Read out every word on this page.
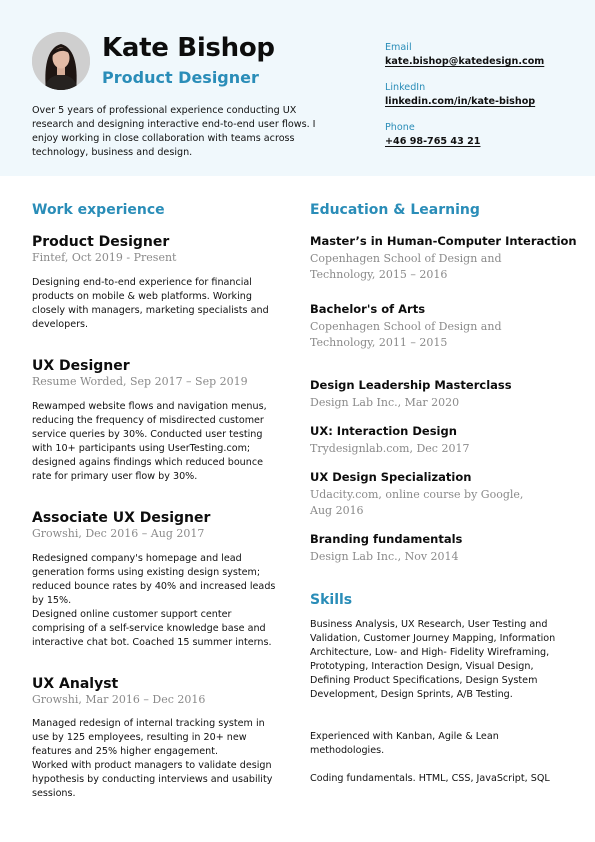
Kate Bishop
Product Designer

Over 5 years of professional experience conducting UX research and designing interactive end-to-end user flows. I enjoy working in close collaboration with teams across technology, business and design.

Email

kate.bishop@katedesign.com

LinkedIn

linkedin.com/in/kate-bishop

Phone

+46 98-765 43 21

Work experience
Product Designer

Fintef, Oct 2019 - Present

Designing end-to-end experience for financial products on mobile & web platforms. Working closely with managers, marketing specialists and developers.

UX Designer

Resume Worded, Sep 2017 – Sep 2019

Rewamped website flows and navigation menus, reducing the frequency of misdirected customer service queries by 30%. Conducted user testing with 10+ participants using UserTesting.com; designed agains findings which reduced bounce rate for primary user flow by 30%.

Associate UX Designer

Growshi, Dec 2016 – Aug 2017

Redesigned company's homepage and lead generation forms using existing design system; reduced bounce rates by 40% and increased leads by 15%.

Designed online customer support center comprising of a self-service knowledge base and interactive chat bot. Coached 15 summer interns.

UX Analyst

Growshi, Mar 2016 – Dec 2016

Managed redesign of internal tracking system in use by 125 employees, resulting in 20+ new features and 25% higher engagement.

Worked with product managers to validate design hypothesis by conducting interviews and usability sessions.

Education & Learning
Master’s in Human-Computer Interaction

Copenhagen School of Design and Technology, 2015 – 2016

Bachelor's of Arts

Copenhagen School of Design and Technology, 2011 – 2015

Design Leadership Masterclass

Design Lab Inc., Mar 2020

UX: Interaction Design

Trydesignlab.com, Dec 2017

UX Design Specialization

Udacity.com, online course by Google, Aug 2016

Branding fundamentals

Design Lab Inc., Nov 2014

Skills

Business Analysis, UX Research, User Testing and Validation, Customer Journey Mapping, Information Architecture, Low- and High- Fidelity Wireframing, Prototyping, Interaction Design, Visual Design, Defining Product Specifications, Design System Development, Design Sprints, A/B Testing.

Experienced with Kanban, Agile & Lean methodologies.

Coding fundamentals. HTML, CSS, JavaScript, SQL
